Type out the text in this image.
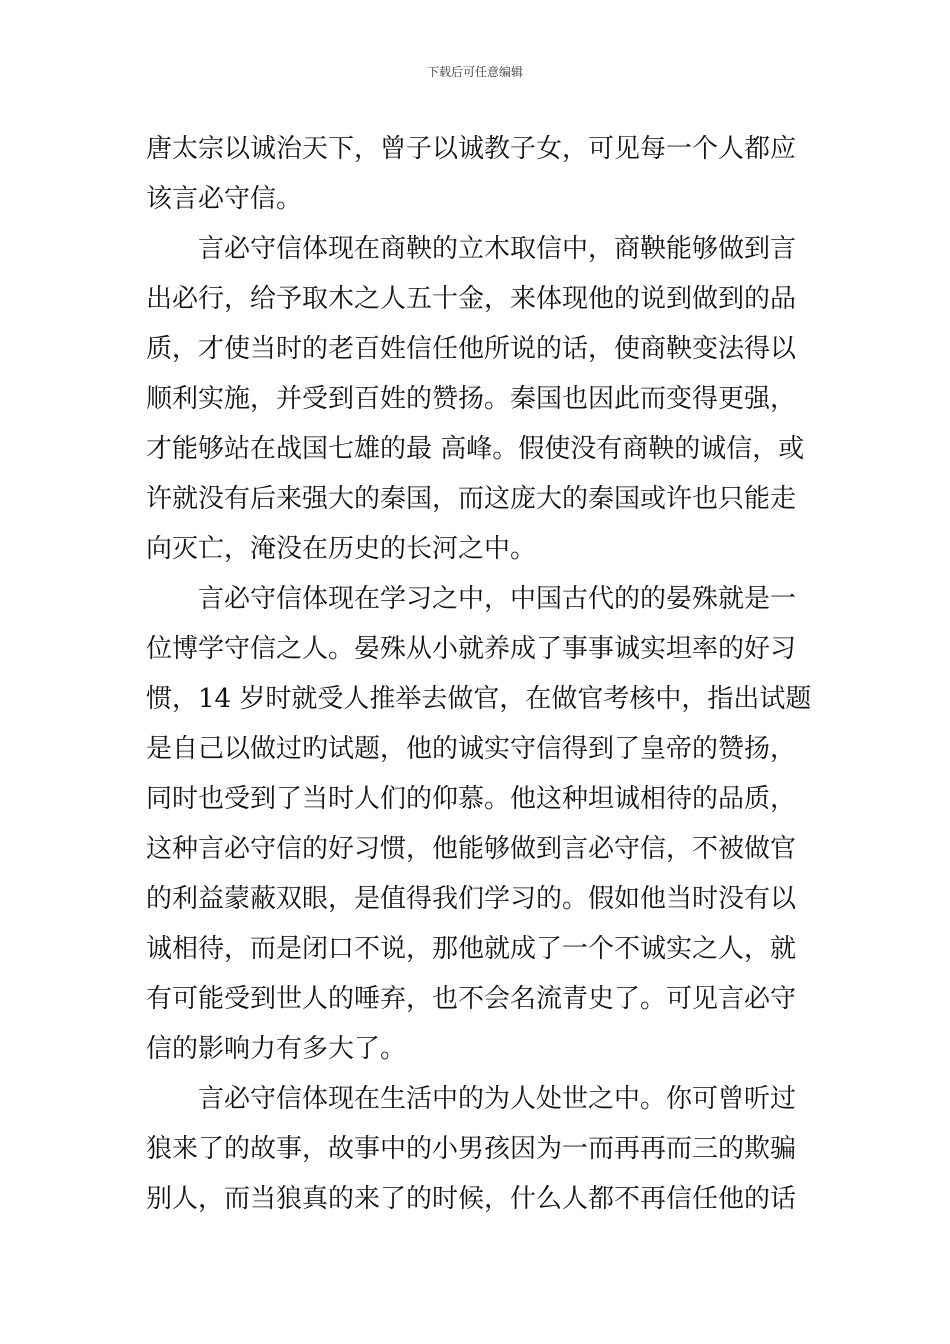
下载后可任意编辑
唐太宗以诚治天下，曾子以诚教子女，可见每一个人都应
该言必守信。
言必守信体现在商鞅的立木取信中，商鞅能够做到言
出必行，给予取木之人五十金，来体现他的说到做到的品
质，才使当时的老百姓信任他所说的话，使商鞅变法得以
顺利实施，并受到百姓的赞扬。秦国也因此而变得更强，
才能够站在战国七雄的最 高峰。假使没有商鞅的诚信，或
许就没有后来强大的秦国，而这庞大的秦国或许也只能走
向灭亡，淹没在历史的长河之中。
言必守信体现在学习之中，中国古代的的晏殊就是一
位博学守信之人。晏殊从小就养成了事事诚实坦率的好习
惯，14 岁时就受人推举去做官，在做官考核中，指出试题
是自己以做过旳试题，他的诚实守信得到了皇帝的赞扬，
同时也受到了当时人们的仰慕。他这种坦诚相待的品质，
这种言必守信的好习惯，他能够做到言必守信，不被做官
的利益蒙蔽双眼，是值得我们学习的。假如他当时没有以
诚相待，而是闭口不说，那他就成了一个不诚实之人，就
有可能受到世人的唾弃，也不会名流青史了。可见言必守
信的影响力有多大了。
言必守信体现在生活中的为人处世之中。你可曾听过
狼来了的故事，故事中的小男孩因为一而再再而三的欺骗
别人，而当狼真的来了的时候，什么人都不再信任他的话
